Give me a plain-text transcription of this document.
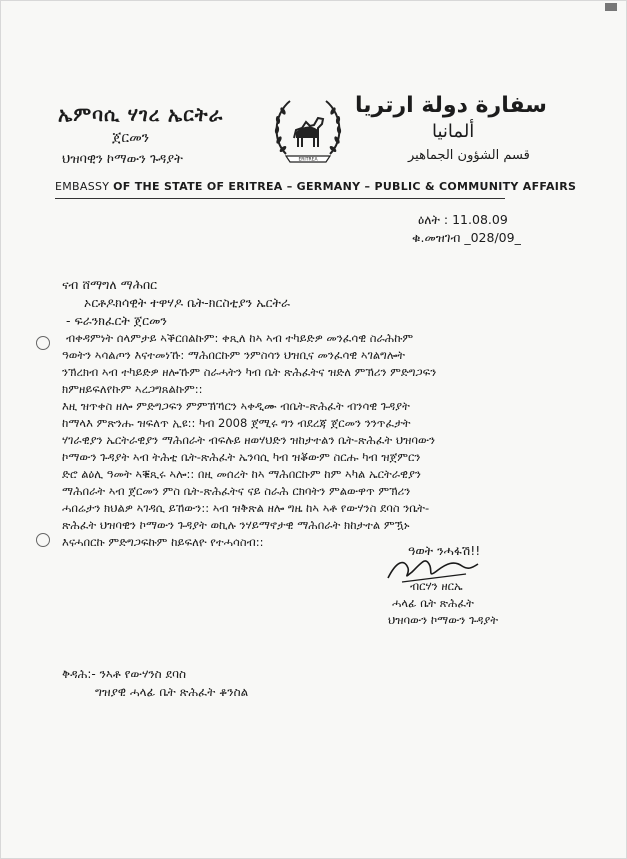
ኤምባሲ ሃገረ ኤርትራ
ጀርመን
ህዝባዊን ኮማውን ጉዳያት	ERITREA
سفارة دولة ارتريا
ألمانيا
قسم الشؤون الجماهير
EMBASSY OF THE STATE OF ERITREA – GERMANY – PUBLIC & COMMUNITY AFFAIRS
ዕለት : 11.08.09
ቁ.መዝገብ _028/09_
ናብ ሸማግለ ማሕበር
ኦርቶዶክሳዊት ተዋሃዶ ቤት-ክርስቲያን ኤርትራ
- ፍራንክፈርት ጀርመን
ብቀዳምነት ሰላምታይ ኣቕርበልኩም: ቀጺለ ከኣ ኣብ ተካይድዎ መንፈሳዊ ስራሕኩም
ዓወትን ኣሳልጦን እናተመነኹ: ማሕበርኩም ንምስሳን ህዝቢና መንፈሳዊ ኣገልግሎት
ንኽረክብ ኣብ ተካይድዎ ዘሎኹም ስራሓትን ካብ ቤት ጽሕፈትና ዝድለ ምኽሪን ምድግጋፍን
ክምዘይፍለየኩም ኣረጋግጸልኩም::
እዚ ዝጥቀስ ዘሎ ምድግጋፍን ምምኽኻርን ኣቀዲሙ ብቤት-ጽሕፈት ብንሳዊ ጉዳያት
ከማላእ ምጽንሑ ዝፍለጥ ኢዩ:: ካብ 2008 ጀሚሩ ግን ብደረጃ ጀርመን ንንጥፈታት
ሃገራዊያን ኤርትራዊያን ማሕበራት ብፍሉይ ዘወሃህድን ዝከታተልን ቤት-ጽሕፈት ህዝባውን
ኮማውን ጉዳያት ኣብ ትሕቲ ቤት-ጽሕፈት ኤንባሲ ካብ ዝቖውም ስርሑ ካብ ዝጀምርን
ድሮ ልዕሊ ዓመት ኣቑጺሩ ኣሎ:: በዚ መሰረት ከኣ ማሕበርኩም ከም ኣካል ኤርትራዊያን
ማሕበራት ኣብ ጀርመን ምስ ቤት-ጽሕፈትና ናይ ስራሕ ርክባትን ምልውዋጥ ምኽሪን
ሓበሬታን ክህልዎ ኣገዳሲ ይኸውን:: ኣብ ዝቅጽል ዘሎ ግዜ ከኣ ኣቶ የውሃንስ ደባስ ንቤት-
ጽሕፈት ህዝባዊን ኮማውን ጉዳያት ወኪሉ ንሃይማኖታዊ ማሕበራት ክከታተል ምዃኑ
እናሓበርኩ ምድግጋፍኩም ከይፍለዮ የተሓሳስብ::
ዓወት ንሓፋሽ!!
ብርሃን ዘርኤ
ሓላፊ ቤት ጽሕፈት
ህዝባውን ኮማውን ጉዳያት
ቅዳሕ:- ንኣቶ የውሃንስ ደባስ
ግዝያዊ ሓላፊ ቤት ጽሕፈት ቆንስል
